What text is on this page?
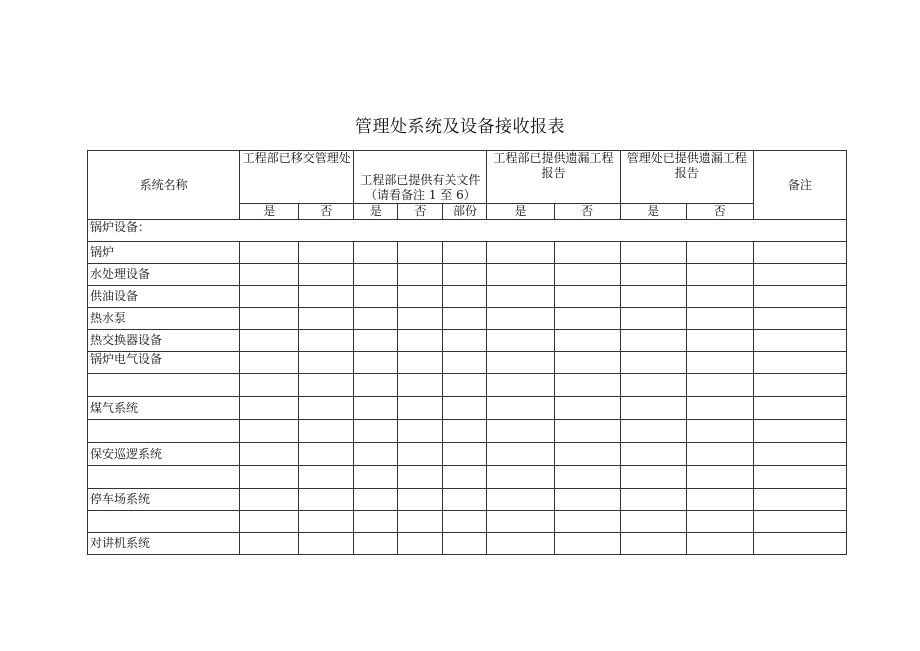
管理处系统及设备接收报表
系统名称	工程部已移交管理处		工程部已提供有关文件（请看备注 1 至 6）			工程部已提供遗漏工程报告		管理处已提供遗漏工程报告		备注
	是	否	是	否	部份	是	否	是	否	
锅炉设备：										
锅炉										
水处理设备										
供油设备										
热水泵										
热交换器设备										
锅炉电气设备										

煤气系统										

保安巡逻系统										

停车场系统										

对讲机系统										
